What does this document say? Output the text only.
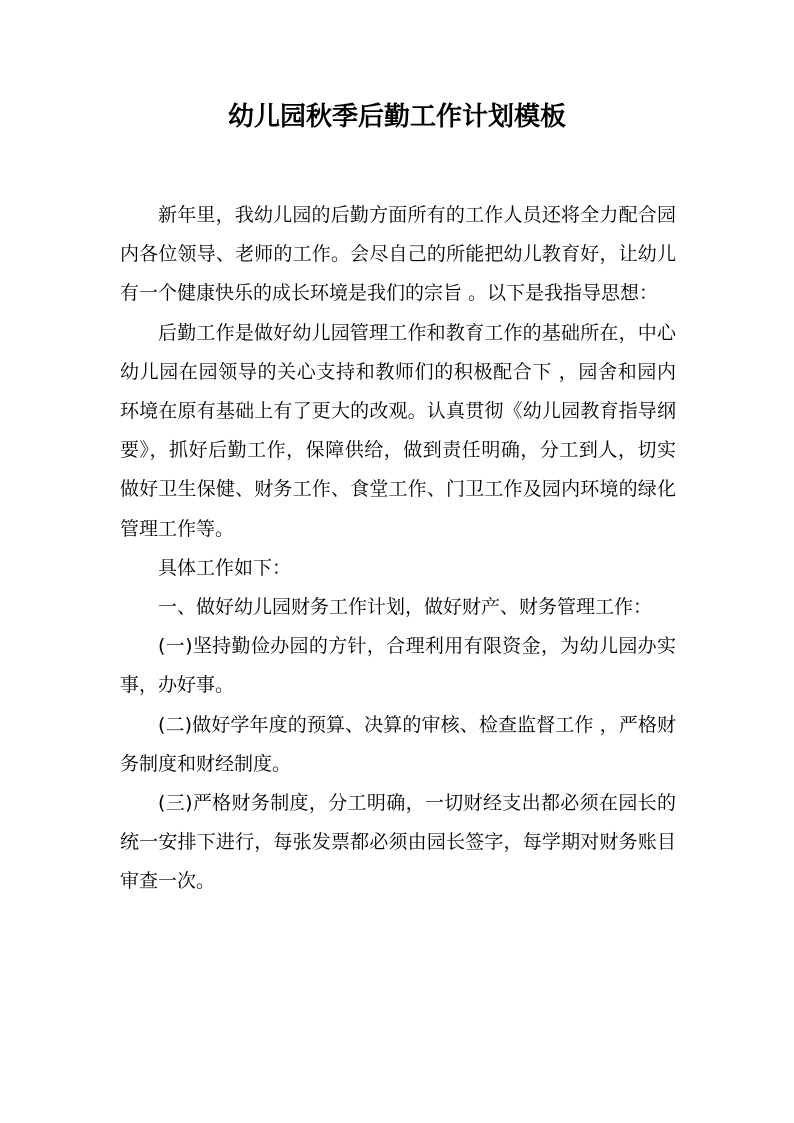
幼儿园秋季后勤工作计划模板

新年里，我幼儿园的后勤方面所有的工作人员还将全力配合园内各位领导、老师的工作。会尽自己的所能把幼儿教育好，让幼儿有一个健康快乐的成长环境是我们的宗旨 。以下是我指导思想：

后勤工作是做好幼儿园管理工作和教育工作的基础所在，中心幼儿园在园领导的关心支持和教师们的积极配合下 ，园舍和园内环境在原有基础上有了更大的改观。认真贯彻《幼儿园教育指导纲要》，抓好后勤工作，保障供给，做到责任明确，分工到人，切实做好卫生保健、财务工作、食堂工作、门卫工作及园内环境的绿化管理工作等。

具体工作如下：

一、做好幼儿园财务工作计划，做好财产、财务管理工作：

(一)坚持勤俭办园的方针，合理利用有限资金，为幼儿园办实事，办好事。

(二)做好学年度的预算、决算的审核、检查监督工作 ，严格财务制度和财经制度。

(三)严格财务制度，分工明确，一切财经支出都必须在园长的统一安排下进行，每张发票都必须由园长签字，每学期对财务账目审查一次。
